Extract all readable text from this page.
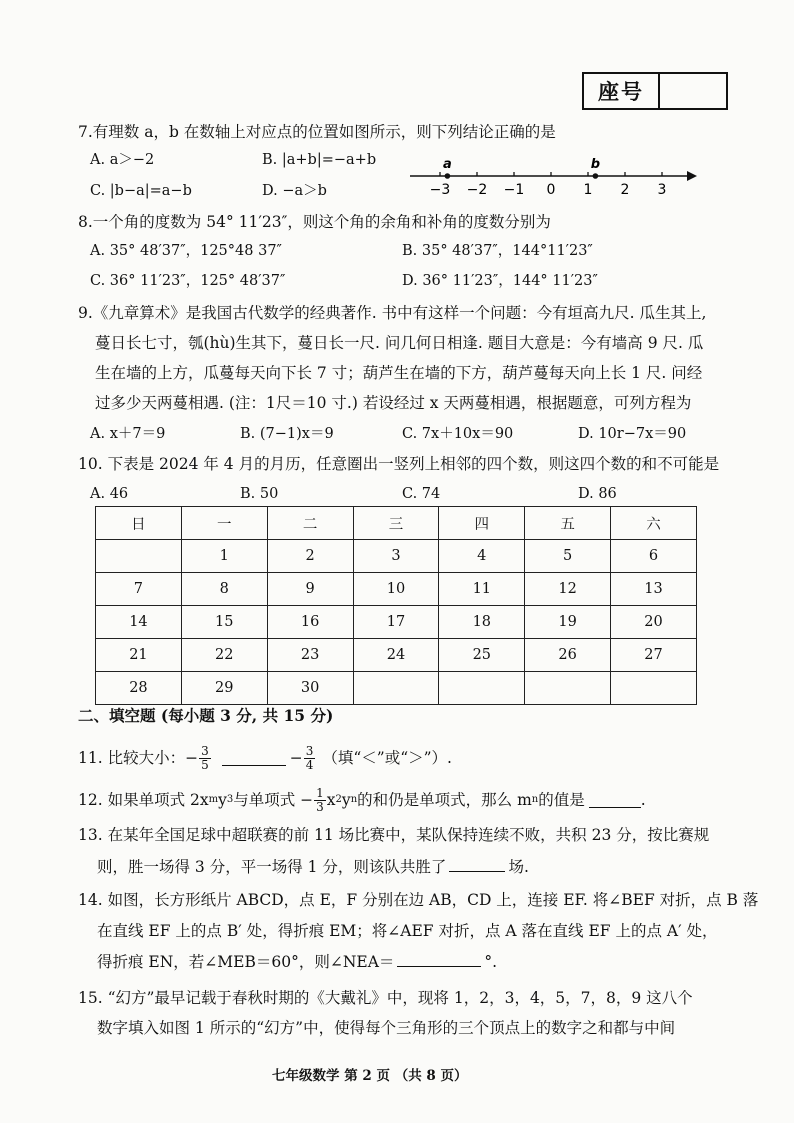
座号
7.有理数 a，b 在数轴上对应点的位置如图所示，则下列结论正确的是
A. a＞−2	B. |a+b|=−a+b
C. |b−a|=a−b	D. −a＞b	−3 −2 −1 0 1 2 3
a	b
8.一个角的度数为 54° 11′23″，则这个角的余角和补角的度数分别为
A. 35° 48′37″，125°48 37″	B. 35° 48′37″，144°11′23″
C. 36° 11′23″，125° 48′37″	D. 36° 11′23″，144° 11′23″
9.《九章算术》是我国古代数学的经典著作. 书中有这样一个问题：今有垣高九尺. 瓜生其上,
蔓日长七寸，瓠(hù)生其下，蔓日长一尺. 问几何日相逢. 题目大意是：今有墙高 9 尺. 瓜
生在墙的上方，瓜蔓每天向下长 7 寸；葫芦生在墙的下方，葫芦蔓每天向上长 1 尺. 问经
过多少天两蔓相遇. (注：1尺＝10 寸.) 若设经过 x 天两蔓相遇，根据题意，可列方程为
A. x＋7＝9	B. (7−1)x＝9	C. 7x＋10x＝90	D. 10r−7x＝90
10. 下表是 2024 年 4 月的月历，任意圈出一竖列上相邻的四个数，则这四个数的和不可能是
A. 46	B. 50	C. 74	D. 86
日	一	二	三	四	五	六
	1	2	3	4	5	6
7	8	9	10	11	12	13
14	15	16	17	18	19	20
21	22	23	24	25	26	27
28	29	30				
二、填空题 (每小题 3 分, 共 15 分)
11. 比较大小：− $\frac{3}{5}$	− $\frac{3}{4}$ （填“＜”或“＞”）.
12. 如果单项式 2x m y 3 与单项式 − $\frac{1}{3}$ x 2 y n 的和仍是单项式，那么 m n 的值是	.
13. 在某年全国足球中超联赛的前 11 场比赛中，某队保持连续不败，共积 23 分，按比赛规
则，胜一场得 3 分，平一场得 1 分，则该队共胜了	场.
14. 如图，长方形纸片 ABCD，点 E，F 分别在边 AB，CD 上，连接 EF. 将∠BEF 对折，点 B 落
在直线 EF 上的点 B′ 处，得折痕 EM；将∠AEF 对折，点 A 落在直线 EF 上的点 A′ 处，
得折痕 EN，若∠MEB＝60°，则∠NEA＝	°.
15. “幻方”最早记载于春秋时期的《大戴礼》中，现将 1，2，3，4，5，7，8，9 这八个
数字填入如图 1 所示的“幻方”中，使得每个三角形的三个顶点上的数字之和都与中间
七年级数学 第 2 页 （共 8 页）
